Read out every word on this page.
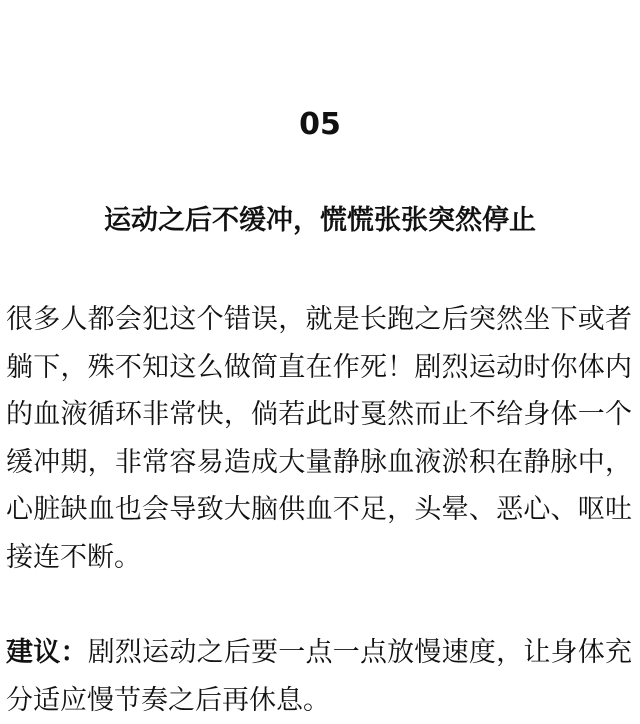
05
运动之后不缓冲，慌慌张张突然停止

很多人都会犯这个错误，就是长跑之后突然坐下或者躺下，殊不知这么做简直在作死！剧烈运动时你体内的血液循环非常快，倘若此时戛然而止不给身体一个缓冲期，非常容易造成大量静脉血液淤积在静脉中，心脏缺血也会导致大脑供血不足，头晕、恶心、呕吐接连不断。

建议：剧烈运动之后要一点一点放慢速度，让身体充分适应慢节奏之后再休息。
